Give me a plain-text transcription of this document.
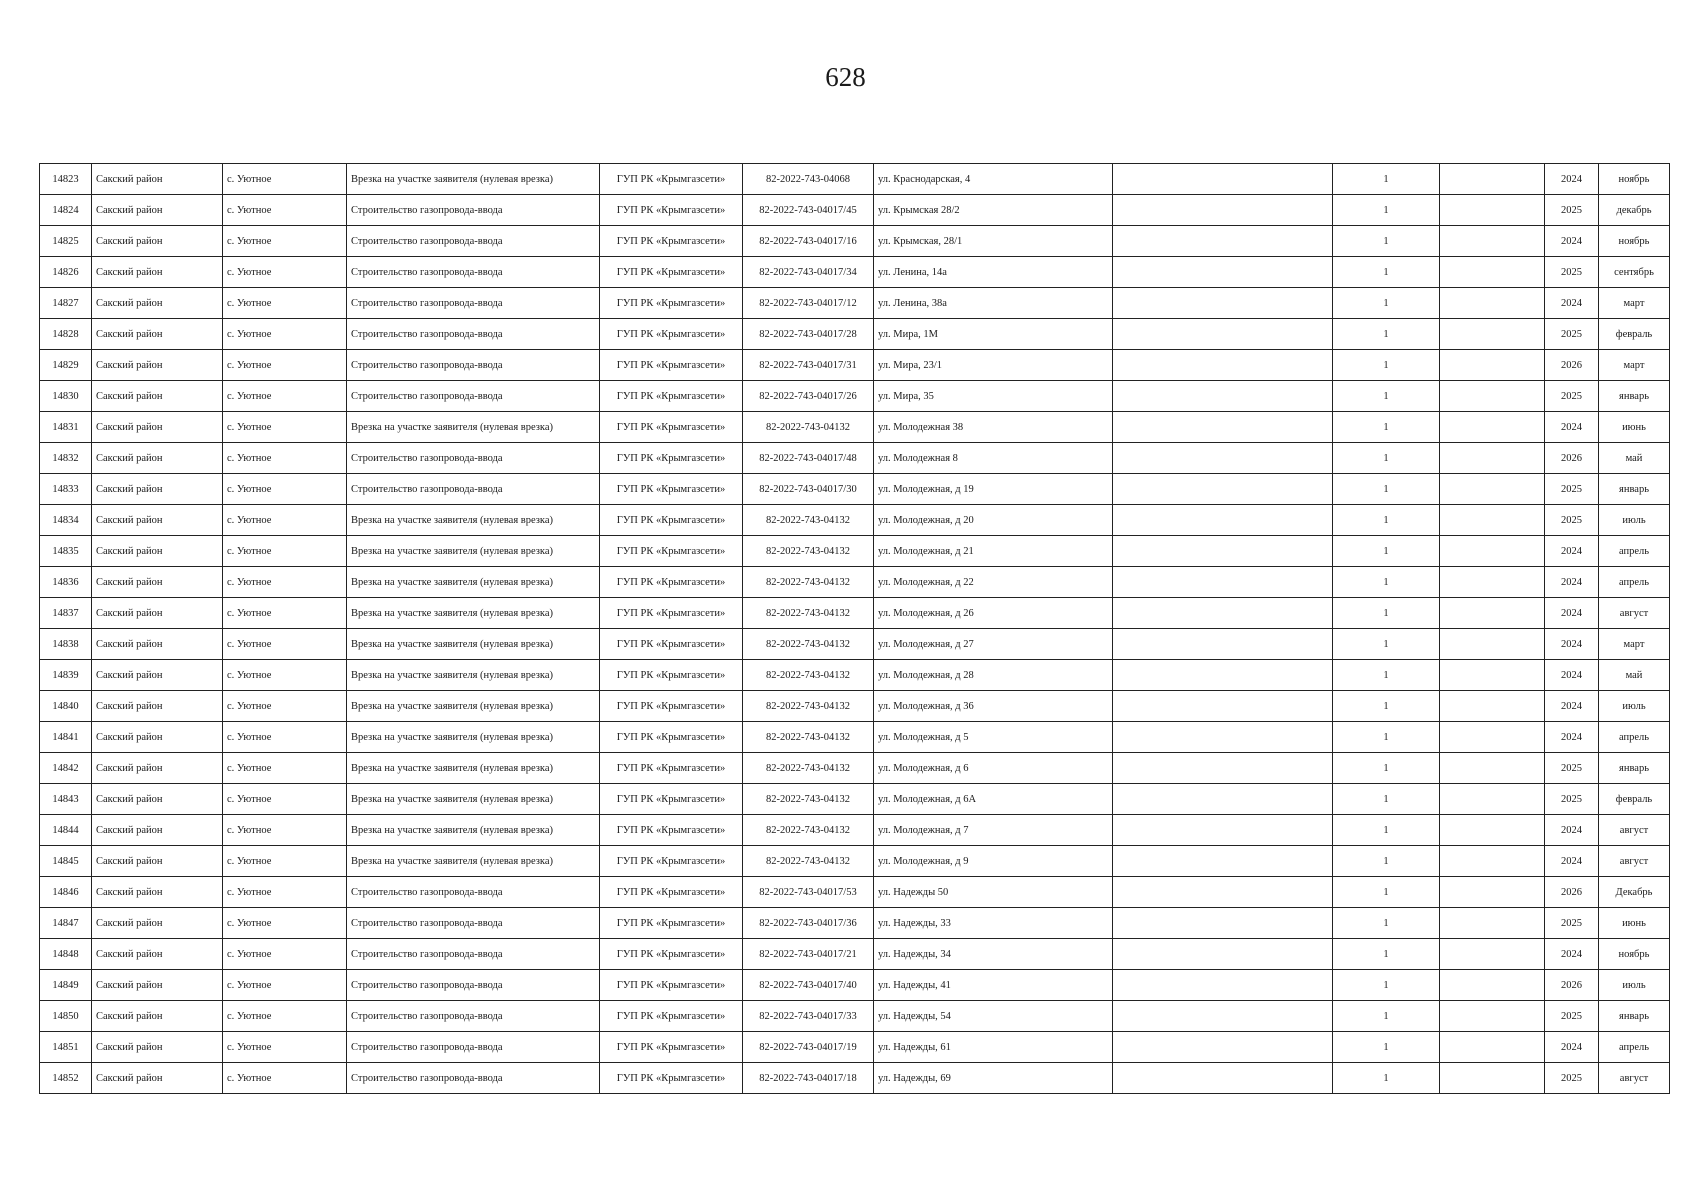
628
14823	Сакский район	с. Уютное	Врезка на участке заявителя (нулевая врезка)	ГУП РК «Крымгазсети»	82-2022-743-04068	ул. Краснодарская, 4		1		2024	ноябрь
14824	Сакский район	с. Уютное	Строительство газопровода-ввода	ГУП РК «Крымгазсети»	82-2022-743-04017/45	ул. Крымская 28/2		1		2025	декабрь
14825	Сакский район	с. Уютное	Строительство газопровода-ввода	ГУП РК «Крымгазсети»	82-2022-743-04017/16	ул. Крымская, 28/1		1		2024	ноябрь
14826	Сакский район	с. Уютное	Строительство газопровода-ввода	ГУП РК «Крымгазсети»	82-2022-743-04017/34	ул. Ленина, 14а		1		2025	сентябрь
14827	Сакский район	с. Уютное	Строительство газопровода-ввода	ГУП РК «Крымгазсети»	82-2022-743-04017/12	ул. Ленина, 38а		1		2024	март
14828	Сакский район	с. Уютное	Строительство газопровода-ввода	ГУП РК «Крымгазсети»	82-2022-743-04017/28	ул. Мира, 1М		1		2025	февраль
14829	Сакский район	с. Уютное	Строительство газопровода-ввода	ГУП РК «Крымгазсети»	82-2022-743-04017/31	ул. Мира, 23/1		1		2026	март
14830	Сакский район	с. Уютное	Строительство газопровода-ввода	ГУП РК «Крымгазсети»	82-2022-743-04017/26	ул. Мира, 35		1		2025	январь
14831	Сакский район	с. Уютное	Врезка на участке заявителя (нулевая врезка)	ГУП РК «Крымгазсети»	82-2022-743-04132	ул. Молодежная 38		1		2024	июнь
14832	Сакский район	с. Уютное	Строительство газопровода-ввода	ГУП РК «Крымгазсети»	82-2022-743-04017/48	ул. Молодежная 8		1		2026	май
14833	Сакский район	с. Уютное	Строительство газопровода-ввода	ГУП РК «Крымгазсети»	82-2022-743-04017/30	ул. Молодежная, д 19		1		2025	январь
14834	Сакский район	с. Уютное	Врезка на участке заявителя (нулевая врезка)	ГУП РК «Крымгазсети»	82-2022-743-04132	ул. Молодежная, д 20		1		2025	июль
14835	Сакский район	с. Уютное	Врезка на участке заявителя (нулевая врезка)	ГУП РК «Крымгазсети»	82-2022-743-04132	ул. Молодежная, д 21		1		2024	апрель
14836	Сакский район	с. Уютное	Врезка на участке заявителя (нулевая врезка)	ГУП РК «Крымгазсети»	82-2022-743-04132	ул. Молодежная, д 22		1		2024	апрель
14837	Сакский район	с. Уютное	Врезка на участке заявителя (нулевая врезка)	ГУП РК «Крымгазсети»	82-2022-743-04132	ул. Молодежная, д 26		1		2024	август
14838	Сакский район	с. Уютное	Врезка на участке заявителя (нулевая врезка)	ГУП РК «Крымгазсети»	82-2022-743-04132	ул. Молодежная, д 27		1		2024	март
14839	Сакский район	с. Уютное	Врезка на участке заявителя (нулевая врезка)	ГУП РК «Крымгазсети»	82-2022-743-04132	ул. Молодежная, д 28		1		2024	май
14840	Сакский район	с. Уютное	Врезка на участке заявителя (нулевая врезка)	ГУП РК «Крымгазсети»	82-2022-743-04132	ул. Молодежная, д 36		1		2024	июль
14841	Сакский район	с. Уютное	Врезка на участке заявителя (нулевая врезка)	ГУП РК «Крымгазсети»	82-2022-743-04132	ул. Молодежная, д 5		1		2024	апрель
14842	Сакский район	с. Уютное	Врезка на участке заявителя (нулевая врезка)	ГУП РК «Крымгазсети»	82-2022-743-04132	ул. Молодежная, д 6		1		2025	январь
14843	Сакский район	с. Уютное	Врезка на участке заявителя (нулевая врезка)	ГУП РК «Крымгазсети»	82-2022-743-04132	ул. Молодежная, д 6А		1		2025	февраль
14844	Сакский район	с. Уютное	Врезка на участке заявителя (нулевая врезка)	ГУП РК «Крымгазсети»	82-2022-743-04132	ул. Молодежная, д 7		1		2024	август
14845	Сакский район	с. Уютное	Врезка на участке заявителя (нулевая врезка)	ГУП РК «Крымгазсети»	82-2022-743-04132	ул. Молодежная, д 9		1		2024	август
14846	Сакский район	с. Уютное	Строительство газопровода-ввода	ГУП РК «Крымгазсети»	82-2022-743-04017/53	ул. Надежды 50		1		2026	Декабрь
14847	Сакский район	с. Уютное	Строительство газопровода-ввода	ГУП РК «Крымгазсети»	82-2022-743-04017/36	ул. Надежды, 33		1		2025	июнь
14848	Сакский район	с. Уютное	Строительство газопровода-ввода	ГУП РК «Крымгазсети»	82-2022-743-04017/21	ул. Надежды, 34		1		2024	ноябрь
14849	Сакский район	с. Уютное	Строительство газопровода-ввода	ГУП РК «Крымгазсети»	82-2022-743-04017/40	ул. Надежды, 41		1		2026	июль
14850	Сакский район	с. Уютное	Строительство газопровода-ввода	ГУП РК «Крымгазсети»	82-2022-743-04017/33	ул. Надежды, 54		1		2025	январь
14851	Сакский район	с. Уютное	Строительство газопровода-ввода	ГУП РК «Крымгазсети»	82-2022-743-04017/19	ул. Надежды, 61		1		2024	апрель
14852	Сакский район	с. Уютное	Строительство газопровода-ввода	ГУП РК «Крымгазсети»	82-2022-743-04017/18	ул. Надежды, 69		1		2025	август
